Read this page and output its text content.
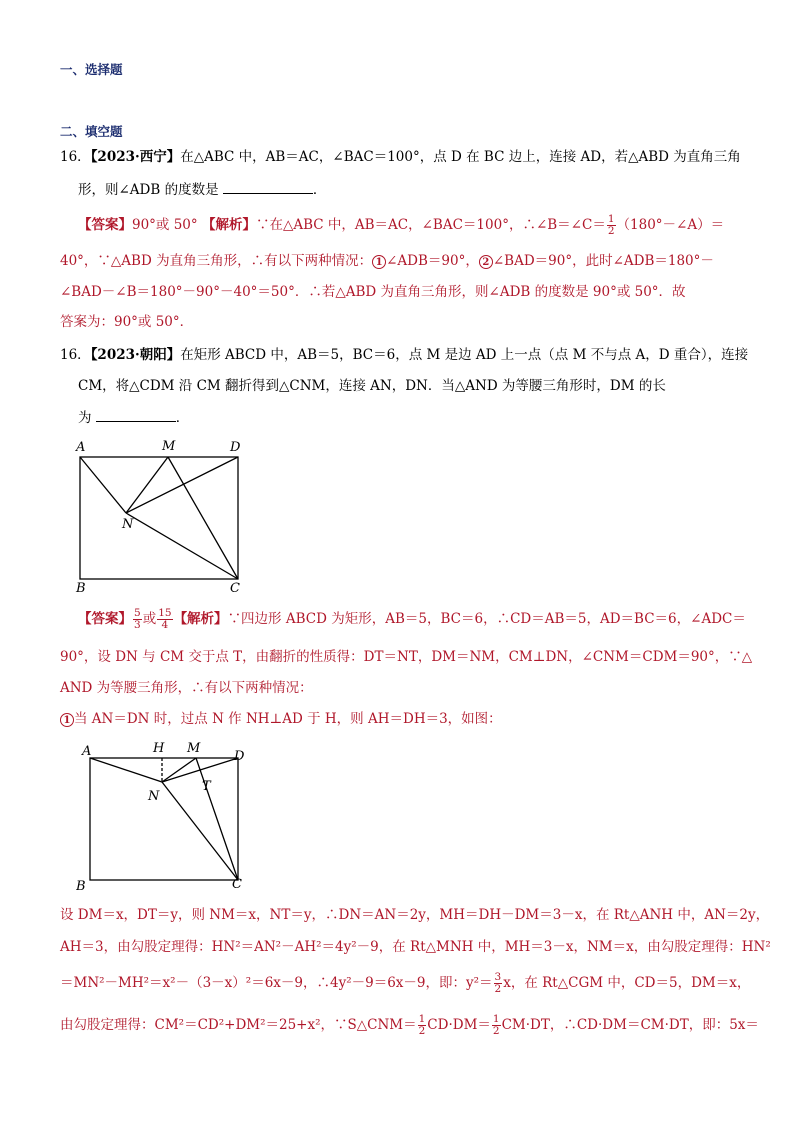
一、选择题
二、填空题
16．【2023·西宁】在△ABC 中，AB＝AC，∠BAC＝100°，点 D 在 BC 边上，连接 AD，若△ABD 为直角三角
形，则∠ADB 的度数是	．
【答案】90°或 50° 【解析】∵在△ABC 中，AB＝AC，∠BAC＝100°，∴∠B＝∠C＝ $\frac{1}{2}$ （180°－∠A）＝
40°，∵△ABD 为直角三角形，∴有以下两种情况： 1 ∠ADB＝90°， 2 ∠BAD＝90°，此时∠ADB＝180°－
∠BAD－∠B＝180°－90°－40°＝50°．∴若△ABD 为直角三角形，则∠ADB 的度数是 90°或 50°．故
答案为：90°或 50°．
16．【2023·朝阳】在矩形 ABCD 中，AB＝5，BC＝6，点 M 是边 AD 上一点（点 M 不与点 A，D 重合），连接
CM，将△CDM 沿 CM 翻折得到△CNM，连接 AN，DN．当△AND 为等腰三角形时，DM 的长
为	．
A	M	D
N
B	C
【答案】 $\frac{5}{3}$ 或 $\frac{15}{4}$ 【解析】∵四边形 ABCD 为矩形，AB＝5，BC＝6，∴CD＝AB＝5，AD＝BC＝6，∠ADC＝
90°，设 DN 与 CM 交于点 T，由翻折的性质得：DT＝NT，DM＝NM，CM⊥DN，∠CNM＝CDM＝90°，∵△
AND 为等腰三角形，∴有以下两种情况：
1 当 AN＝DN 时，过点 N 作 NH⊥AD 于 H，则 AH＝DH＝3，如图：
A	H M
D
N
T
B	C
设 DM＝x，DT＝y，则 NM＝x，NT＝y，∴DN＝AN＝2y，MH＝DH－DM＝3－x，在 Rt△ANH 中，AN＝2y，
AH＝3，由勾股定理得：HN²＝AN²－AH²＝4y²－9，在 Rt△MNH 中，MH＝3－x，NM＝x，由勾股定理得：HN²
＝MN²－MH²＝x²－（3－x）²＝6x－9，∴4y²－9＝6x－9，即：$y^2= \frac{3}{2}$ x，在 Rt△CGM 中，CD＝5，DM＝x，
由勾股定理得：CM²＝CD²+DM²＝25+x²，∵S△CNM＝ $\frac{1}{2} CD\cdot DM= \frac{1}{2} CM\cdot DT$，∴CD·DM＝CM·DT，即：5x＝
